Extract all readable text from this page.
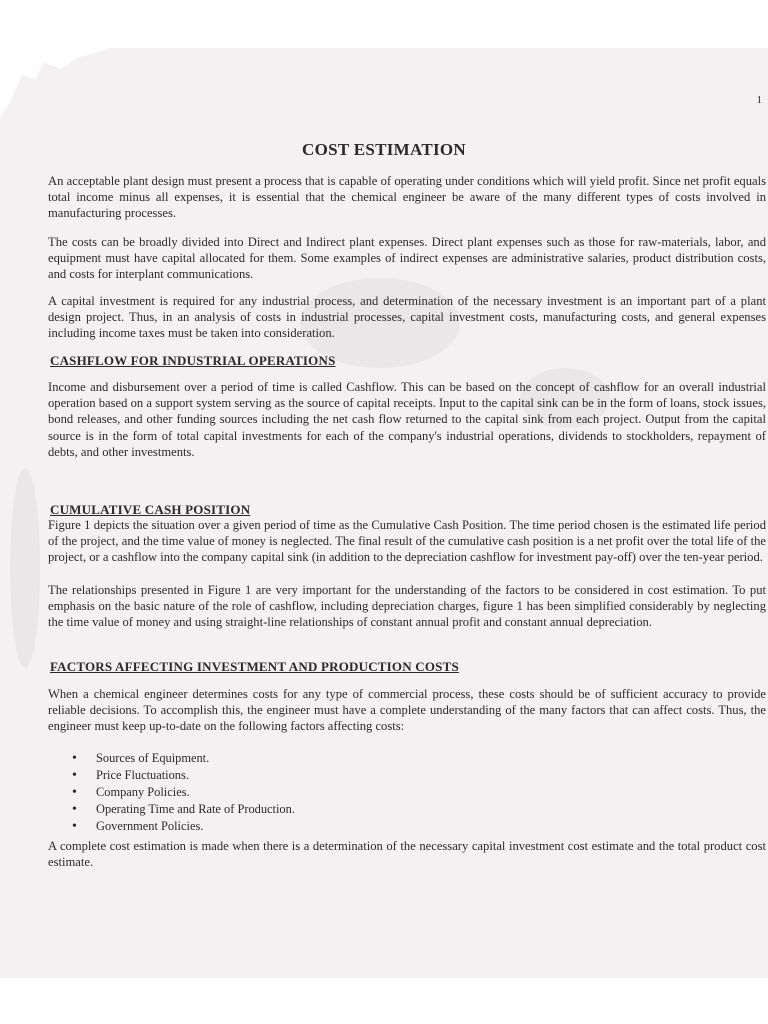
1
COST ESTIMATION
An acceptable plant design must present a process that is capable of operating under conditions which will yield profit. Since net profit equals total income minus all expenses, it is essential that the chemical engineer be aware of the many different types of costs involved in manufacturing processes.
The costs can be broadly divided into Direct and Indirect plant expenses. Direct plant expenses such as those for raw-materials, labor, and equipment must have capital allocated for them. Some examples of indirect expenses are administrative salaries, product distribution costs, and costs for interplant communications.
A capital investment is required for any industrial process, and determination of the necessary investment is an important part of a plant design project. Thus, in an analysis of costs in industrial processes, capital investment costs, manufacturing costs, and general expenses including income taxes must be taken into consideration.
CASHFLOW FOR INDUSTRIAL OPERATIONS
Income and disbursement over a period of time is called Cashflow. This can be based on the concept of cashflow for an overall industrial operation based on a support system serving as the source of capital receipts. Input to the capital sink can be in the form of loans, stock issues, bond releases, and other funding sources including the net cash flow returned to the capital sink from each project. Output from the capital source is in the form of total capital investments for each of the company's industrial operations, dividends to stockholders, repayment of debts, and other investments.
CUMULATIVE CASH POSITION
Figure 1 depicts the situation over a given period of time as the Cumulative Cash Position. The time period chosen is the estimated life period of the project, and the time value of money is neglected. The final result of the cumulative cash position is a net profit over the total life of the project, or a cashflow into the company capital sink (in addition to the depreciation cashflow for investment pay-off) over the ten-year period.
The relationships presented in Figure 1 are very important for the understanding of the factors to be considered in cost estimation. To put emphasis on the basic nature of the role of cashflow, including depreciation charges, figure 1 has been simplified considerably by neglecting the time value of money and using straight-line relationships of constant annual profit and constant annual depreciation.
FACTORS AFFECTING INVESTMENT AND PRODUCTION COSTS
When a chemical engineer determines costs for any type of commercial process, these costs should be of sufficient accuracy to provide reliable decisions. To accomplish this, the engineer must have a complete understanding of the many factors that can affect costs. Thus, the engineer must keep up-to-date on the following factors affecting costs:
• Sources of Equipment.
• Price Fluctuations.
• Company Policies.
• Operating Time and Rate of Production.
• Government Policies.
A complete cost estimation is made when there is a determination of the necessary capital investment cost estimate and the total product cost estimate.
